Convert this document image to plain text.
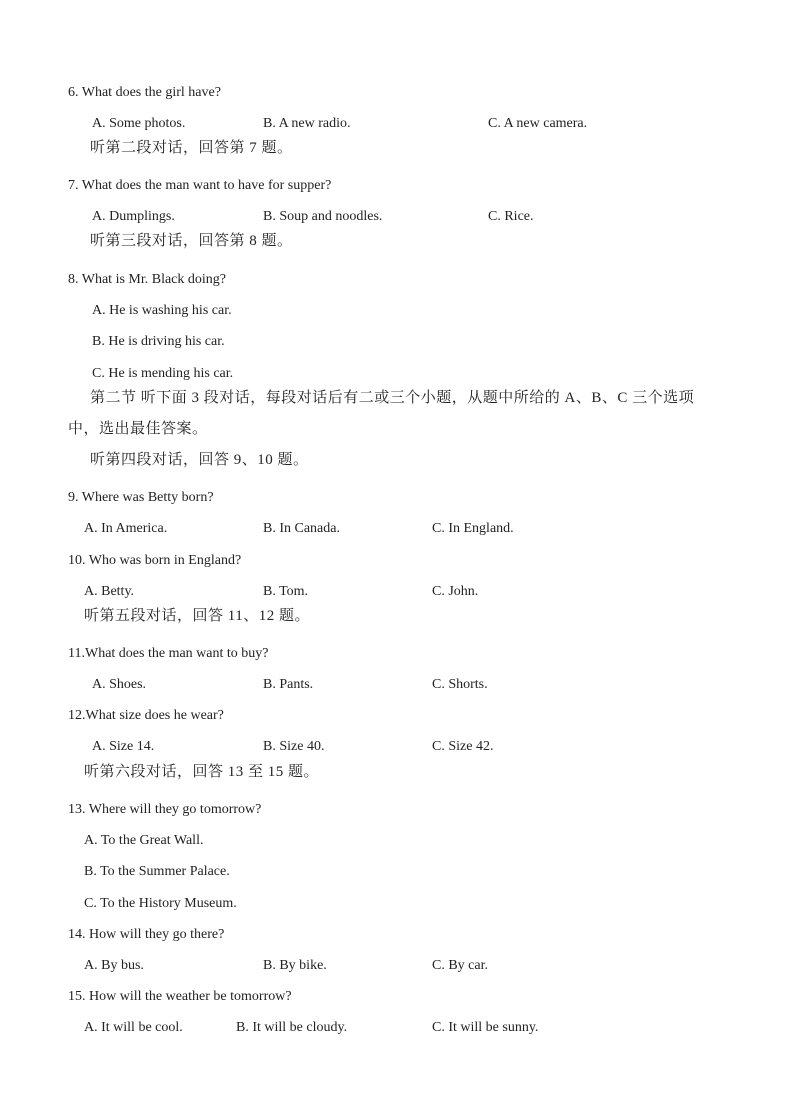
6. What does the girl have?
A. Some photos.	B. A new radio.	C. A new camera.
听第二段对话，回答第 7 题。
7. What does the man want to have for supper?
A. Dumplings.	B. Soup and noodles.	C. Rice.
听第三段对话，回答第 8 题。
8. What is Mr. Black doing?
A. He is washing his car.
B. He is driving his car.
C. He is mending his car.
第二节 听下面 3 段对话，每段对话后有二或三个小题，从题中所给的 A、B、C 三个选项
中，选出最佳答案。
听第四段对话，回答 9、10 题。
9. Where was Betty born?
A. In America.	B. In Canada.	C. In England.
10. Who was born in England?
A. Betty.	B. Tom.	C. John.
听第五段对话，回答 11、12 题。
11.What does the man want to buy?
A. Shoes.	B. Pants.	C. Shorts.
12.What size does he wear?
A. Size 14.	B. Size 40.	C. Size 42.
听第六段对话，回答 13 至 15 题。
13. Where will they go tomorrow?
A. To the Great Wall.
B. To the Summer Palace.
C. To the History Museum.
14. How will they go there?
A. By bus.	B. By bike.	C. By car.
15. How will the weather be tomorrow?
A. It will be cool.	B. It will be cloudy.	C. It will be sunny.
